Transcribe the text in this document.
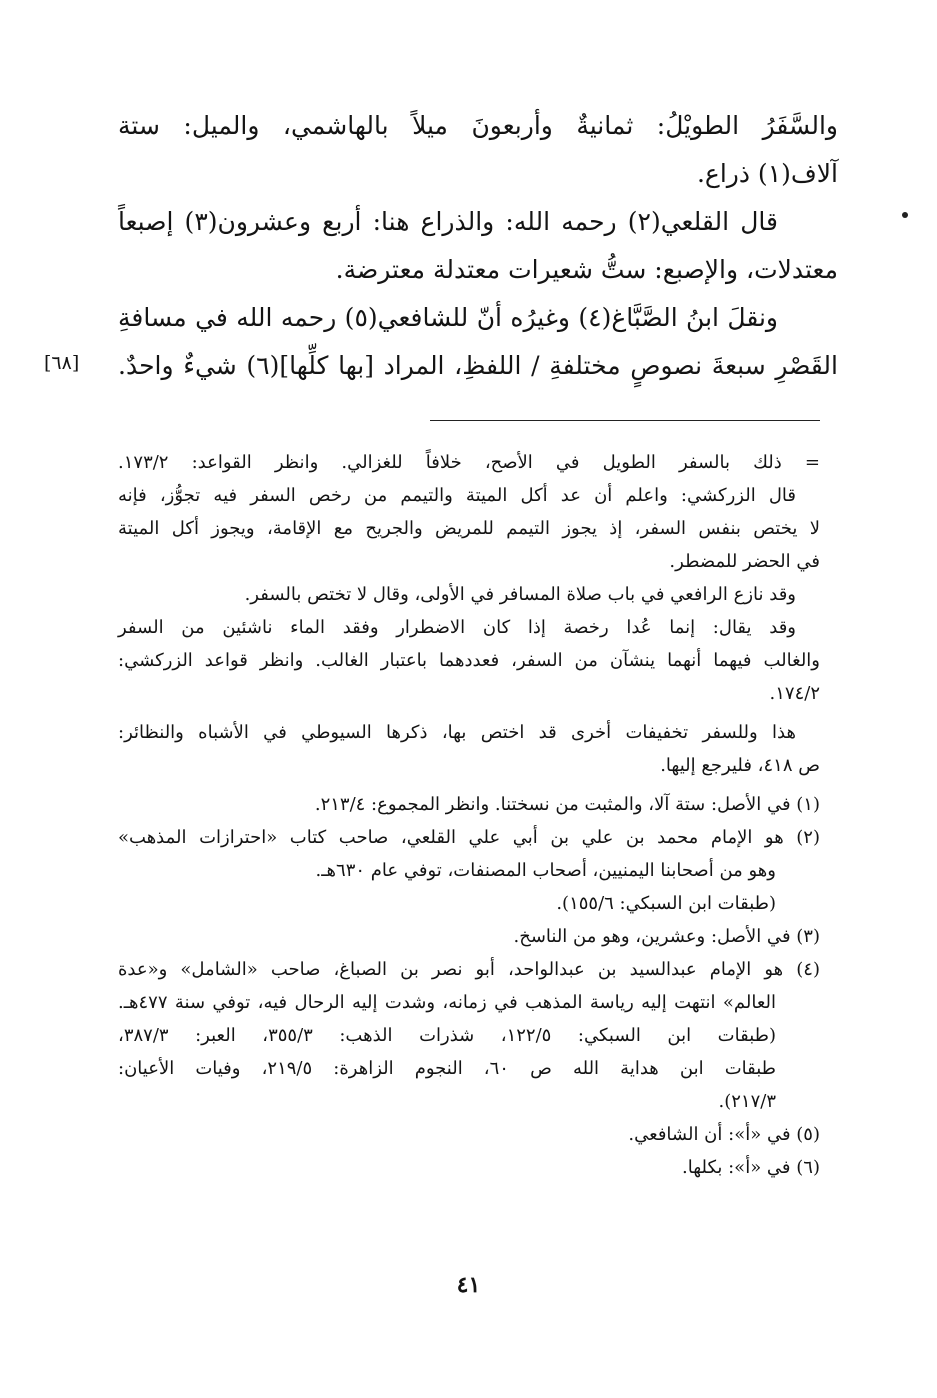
والسَّفَرُ الطويْلُ: ثمانيةٌ وأربعونَ ميلاً بالهاشمي، والميل: ستة
آلاف(١) ذراع.
قال القلعي(٢) رحمه الله: والذراع هنا: أربع وعشرون(٣) إصبعاً
معتدلات، والإصبع: ستُّ شعيرات معتدلة معترضة.
ونقلَ ابنُ الصَّبَّاغ(٤) وغيرُه أنّ للشافعي(٥) رحمه الله في مسافةِ
القَصْرِ سبعةَ نصوصٍ مختلفةِ / اللفظِ، المراد [بها كلِّها](٦) شيءٌ واحدٌ.
[٦٨]
= ذلك بالسفر الطويل في الأصح، خلافاً للغزالي. وانظر القواعد: ١٧٣/٢.
قال الزركشي: واعلم أن عد أكل الميتة والتيمم من رخص السفر فيه تجوُّز، فإنه
لا يختص بنفس السفر، إذ يجوز التيمم للمريض والجريح مع الإقامة، ويجوز أكل الميتة
في الحضر للمضطر.
وقد نازع الرافعي في باب صلاة المسافر في الأولى، وقال لا تختص بالسفر.
وقد يقال: إنما عُدا رخصة إذا كان الاضطرار وفقد الماء ناشئين من السفر
والغالب فيهما أنهما ينشآن من السفر، فعددهما باعتبار الغالب. وانظر قواعد الزركشي:
١٧٤/٢.
هذا وللسفر تخفيفات أخرى قد اختص بها، ذكرها السيوطي في الأشباه والنظائر:
ص ٤١٨، فليرجع إليها.
(١) في الأصل: ستة آلا، والمثبت من نسختنا. وانظر المجموع: ٢١٣/٤.
(٢) هو الإمام محمد بن علي بن أبي علي القلعي، صاحب كتاب «احترازات المذهب»
وهو من أصحابنا اليمنيين، أصحاب المصنفات، توفي عام ٦٣٠هـ.
(طبقات ابن السبكي: ١٥٥/٦).
(٣) في الأصل: وعشرين، وهو من الناسخ.
(٤) هو الإمام عبدالسيد بن عبدالواحد، أبو نصر بن الصباغ، صاحب «الشامل» و«عدة
العالم» انتهت إليه رياسة المذهب في زمانه، وشدت إليه الرحال فيه، توفي سنة ٤٧٧هـ.
(طبقات ابن السبكي: ١٢٢/٥، شذرات الذهب: ٣٥٥/٣، العبر: ٣٨٧/٣،
طبقات ابن هداية الله ص ٦٠، النجوم الزاهرة: ٢١٩/٥، وفيات الأعيان:
٢١٧/٣).
(٥) في «أ»: أن الشافعي.
(٦) في «أ»: بكلها.
٤١
